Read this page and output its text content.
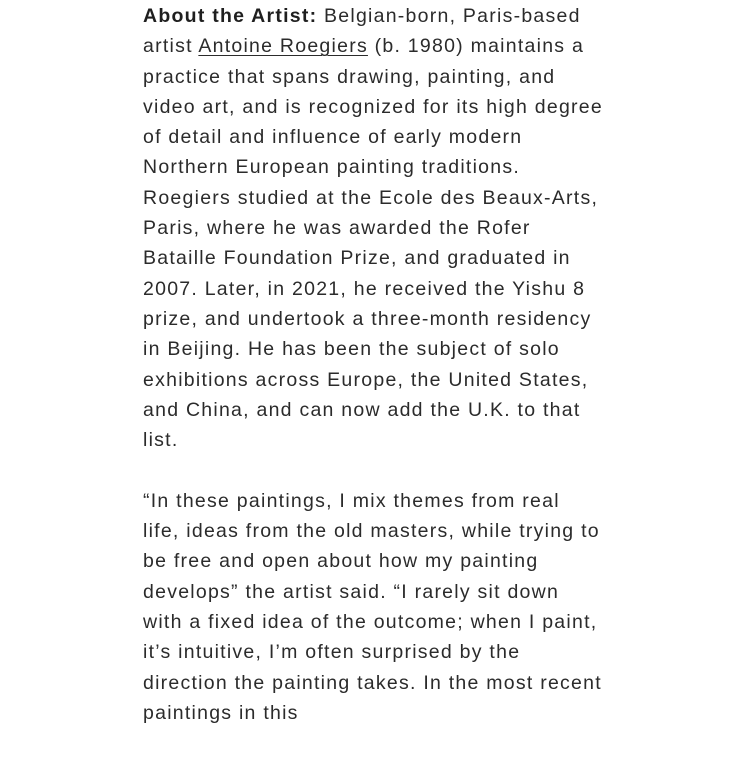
About the Artist: Belgian-born, Paris-based artist Antoine Roegiers (b. 1980) maintains a practice that spans drawing, painting, and video art, and is recognized for its high degree of detail and influence of early modern Northern European painting traditions. Roegiers studied at the Ecole des Beaux-Arts, Paris, where he was awarded the Rofer Bataille Foundation Prize, and graduated in 2007. Later, in 2021, he received the Yishu 8 prize, and undertook a three-month residency in Beijing. He has been the subject of solo exhibitions across Europe, the United States, and China, and can now add the U.K. to that list.

“In these paintings, I mix themes from real life, ideas from the old masters, while trying to be free and open about how my painting develops” the artist said. “I rarely sit down with a fixed idea of the outcome; when I paint, it’s intuitive, I’m often surprised by the direction the painting takes. In the most recent paintings in this
